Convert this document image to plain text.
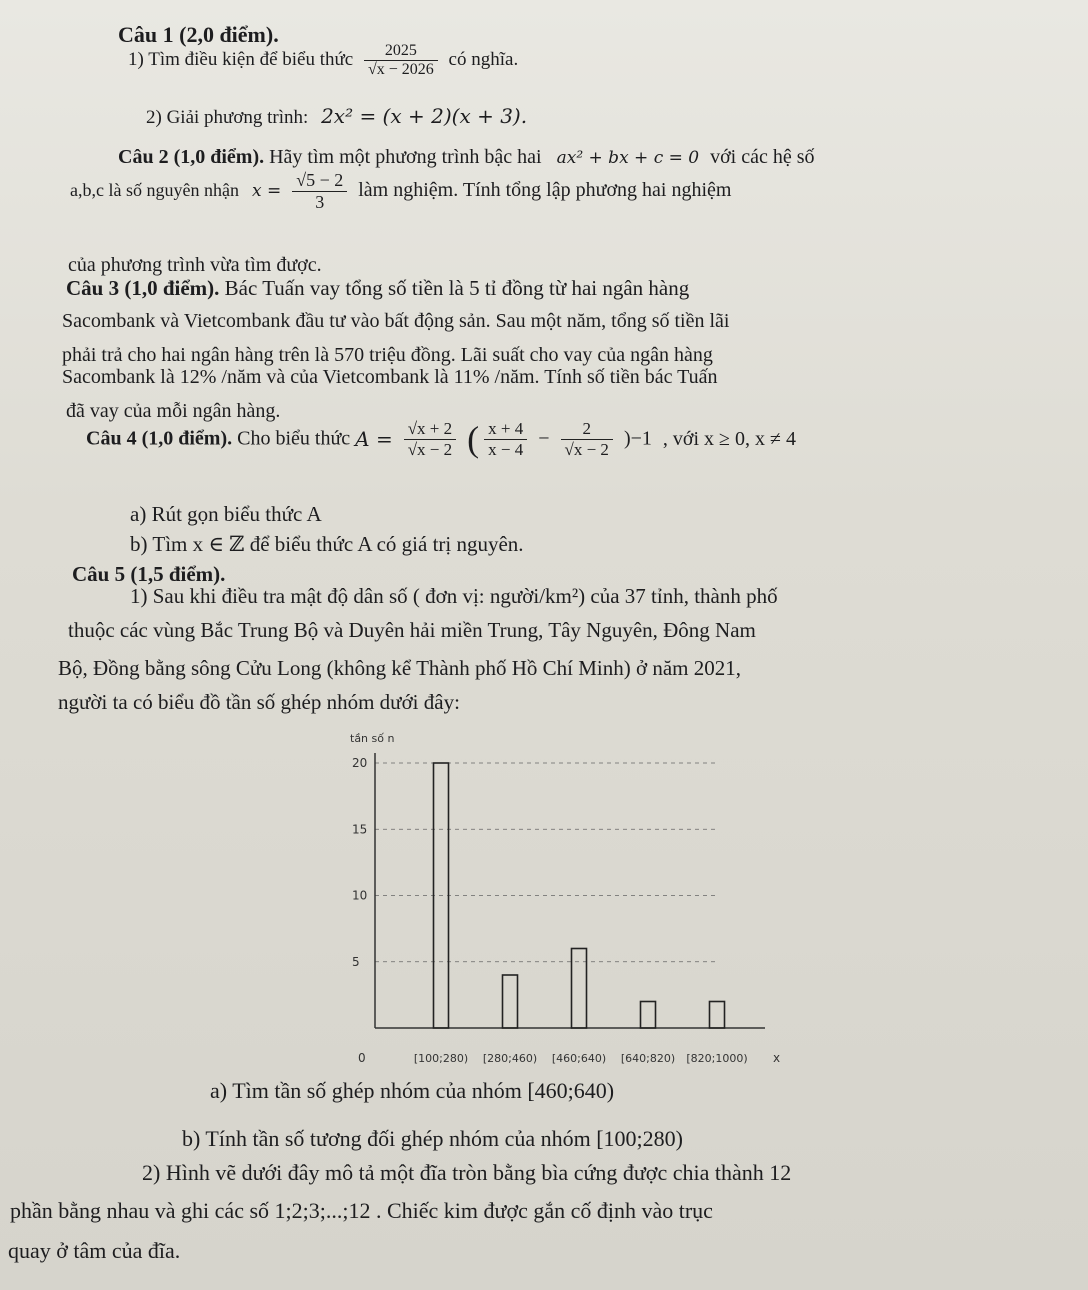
Câu 1 (2,0 điểm).
1) Tìm điều kiện để biểu thức $\frac{2025}{√x - 2026}$ có nghĩa.
2) Giải phương trình: 2x² = (x + 2)(x + 3).
Câu 2 (1,0 điểm). Hãy tìm một phương trình bậc hai ax² + bx + c = 0 với các hệ số
a,b,c là số nguyên nhận $x = \frac{√5 - 2}{3}$ làm nghiệm. Tính tổng lập phương hai nghiệm
của phương trình vừa tìm được.
Câu 3 (1,0 điểm). Bác Tuấn vay tổng số tiền là 5 tỉ đồng từ hai ngân hàng
Sacombank và Vietcombank đầu tư vào bất động sản. Sau một năm, tổng số tiền lãi
phải trả cho hai ngân hàng trên là 570 triệu đồng. Lãi suất cho vay của ngân hàng
Sacombank là 12% /năm và của Vietcombank là 11% /năm. Tính số tiền bác Tuấn
đã vay của mỗi ngân hàng.
Câu 4 (1,0 điểm). Cho biểu thức $A = \frac{√x + 2}{√x - 2}$ ( $\frac{x + 4}{x - 4} - \frac{2}{√x - 2} )-1$ , với x ≥ 0, x ≠ 4
a) Rút gọn biểu thức A
b) Tìm x ∈ ℤ để biểu thức A có giá trị nguyên.
Câu 5 (1,5 điểm).
1) Sau khi điều tra mật độ dân số ( đơn vị: người/km²) của 37 tỉnh, thành phố
thuộc các vùng Bắc Trung Bộ và Duyên hải miền Trung, Tây Nguyên, Đông Nam
Bộ, Đồng bằng sông Cửu Long (không kể Thành phố Hồ Chí Minh) ở năm 2021,
người ta có biểu đồ tần số ghép nhóm dưới đây:
tần số n
x
0
5
10
15
20
[100;280) [280;460) [460;640) [640;820) [820;1000)
a) Tìm tần số ghép nhóm của nhóm [460;640)
b) Tính tần số tương đối ghép nhóm của nhóm [100;280)
2) Hình vẽ dưới đây mô tả một đĩa tròn bằng bìa cứng được chia thành 12
phần bằng nhau và ghi các số 1;2;3;...;12 . Chiếc kim được gắn cố định vào trục
quay ở tâm của đĩa.
